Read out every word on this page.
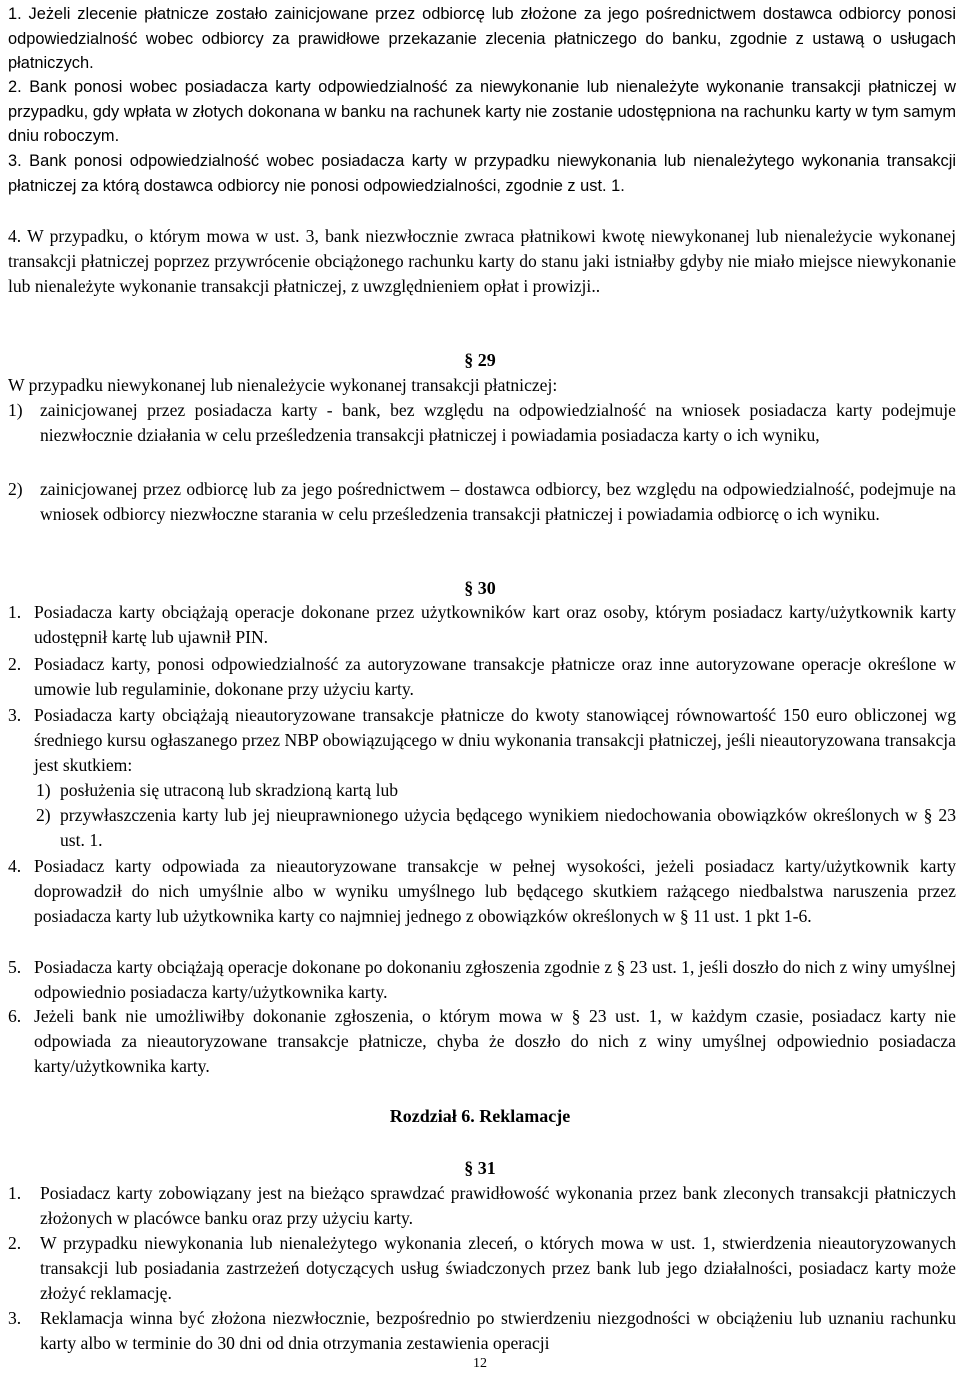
1. Jeżeli zlecenie płatnicze zostało zainicjowane przez odbiorcę lub złożone za jego pośrednictwem dostawca odbiorcy ponosi odpowiedzialność wobec odbiorcy za prawidłowe przekazanie zlecenia płatniczego do banku, zgodnie z ustawą o usługach płatniczych.
2. Bank ponosi wobec posiadacza karty odpowiedzialność za niewykonanie lub nienależyte wykonanie transakcji płatniczej w przypadku, gdy wpłata w złotych dokonana w banku na rachunek karty nie zostanie udostępniona na rachunku karty w tym samym dniu roboczym.
3. Bank ponosi odpowiedzialność wobec posiadacza karty w przypadku niewykonania lub nienależytego wykonania transakcji płatniczej za którą dostawca odbiorcy nie ponosi odpowiedzialności, zgodnie z ust. 1.
4. W przypadku, o którym mowa w ust. 3, bank niezwłocznie zwraca płatnikowi kwotę niewykonanej lub nienależycie wykonanej transakcji płatniczej poprzez przywrócenie obciążonego rachunku karty do stanu jaki istniałby gdyby nie miało miejsce niewykonanie lub nienależyte wykonanie transakcji płatniczej, z uwzględnieniem opłat i prowizji..
§ 29
W przypadku niewykonanej lub nienależycie wykonanej transakcji płatniczej:
1) zainicjowanej przez posiadacza karty - bank, bez względu na odpowiedzialność na wniosek posiadacza karty podejmuje niezwłocznie działania w celu prześledzenia transakcji płatniczej i powiadamia posiadacza karty o ich wyniku,
2) zainicjowanej przez odbiorcę lub za jego pośrednictwem – dostawca odbiorcy, bez względu na odpowiedzialność, podejmuje na wniosek odbiorcy niezwłoczne starania w celu prześledzenia transakcji płatniczej i powiadamia odbiorcę o ich wyniku.
§ 30
1. Posiadacza karty obciążają operacje dokonane przez użytkowników kart oraz osoby, którym posiadacz karty/użytkownik karty udostępnił kartę lub ujawnił PIN.
2. Posiadacz karty, ponosi odpowiedzialność za autoryzowane transakcje płatnicze oraz inne autoryzowane operacje określone w umowie lub regulaminie, dokonane przy użyciu karty.
3. Posiadacza karty obciążają nieautoryzowane transakcje płatnicze do kwoty stanowiącej równowartość 150 euro obliczonej wg średniego kursu ogłaszanego przez NBP obowiązującego w dniu wykonania transakcji płatniczej, jeśli nieautoryzowana transakcja jest skutkiem:
1) posłużenia się utraconą lub skradzioną kartą lub
2) przywłaszczenia karty lub jej nieuprawnionego użycia będącego wynikiem niedochowania obowiązków określonych w § 23 ust. 1.
4. Posiadacz karty odpowiada za nieautoryzowane transakcje w pełnej wysokości, jeżeli posiadacz karty/użytkownik karty doprowadził do nich umyślnie albo w wyniku umyślnego lub będącego skutkiem rażącego niedbalstwa naruszenia przez posiadacza karty lub użytkownika karty co najmniej jednego z obowiązków określonych w § 11 ust. 1 pkt 1-6.
5. Posiadacza karty obciążają operacje dokonane po dokonaniu zgłoszenia zgodnie z § 23 ust. 1, jeśli doszło do nich z winy umyślnej odpowiednio posiadacza karty/użytkownika karty.
6. Jeżeli bank nie umożliwiłby dokonanie zgłoszenia, o którym mowa w § 23 ust. 1, w każdym czasie, posiadacz karty nie odpowiada za nieautoryzowane transakcje płatnicze, chyba że doszło do nich z winy umyślnej odpowiednio posiadacza karty/użytkownika karty.
Rozdział 6. Reklamacje
§ 31
1. Posiadacz karty zobowiązany jest na bieżąco sprawdzać prawidłowość wykonania przez bank zleconych transakcji płatniczych złożonych w placówce banku oraz przy użyciu karty.
2. W przypadku niewykonania lub nienależytego wykonania zleceń, o których mowa w ust. 1, stwierdzenia nieautoryzowanych transakcji lub posiadania zastrzeżeń dotyczących usług świadczonych przez bank lub jego działalności, posiadacz karty może złożyć reklamację.
3. Reklamacja winna być złożona niezwłocznie, bezpośrednio po stwierdzeniu niezgodności w obciążeniu lub uznaniu rachunku karty albo w terminie do 30 dni od dnia otrzymania zestawienia operacji
12
